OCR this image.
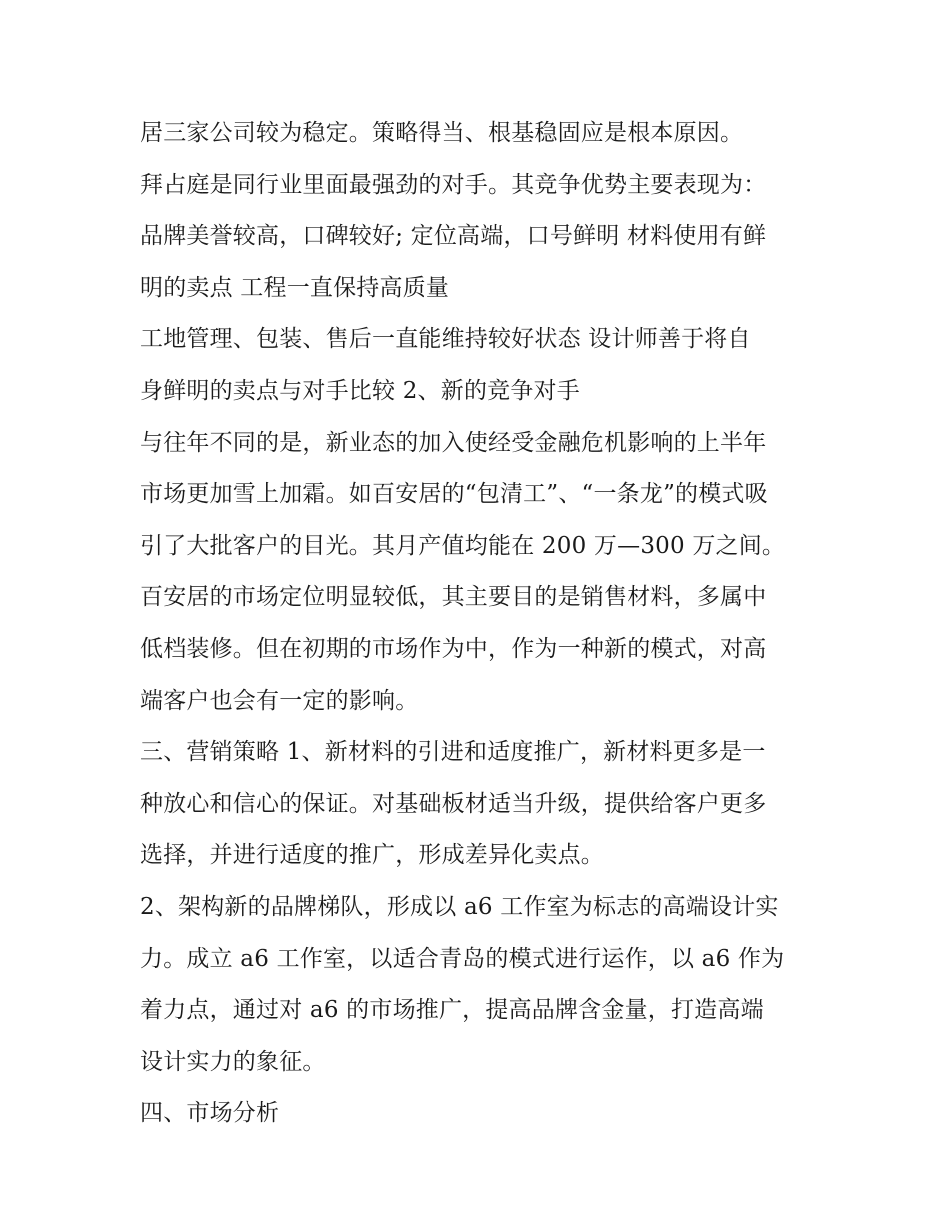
居三家公司较为稳定。策略得当、根基稳固应是根本原因。
拜占庭是同行业里面最强劲的对手。其竞争优势主要表现为：
品牌美誉较高，口碑较好; 定位高端，口号鲜明 材料使用有鲜
明的卖点 工程一直保持高质量
工地管理、包装、售后一直能维持较好状态 设计师善于将自
身鲜明的卖点与对手比较 2、新的竞争对手
与往年不同的是，新业态的加入使经受金融危机影响的上半年
市场更加雪上加霜。如百安居的“包清工”、“一条龙”的模式吸
引了大批客户的目光。其月产值均能在 200 万—300 万之间。
百安居的市场定位明显较低，其主要目的是销售材料，多属中
低档装修。但在初期的市场作为中，作为一种新的模式，对高
端客户也会有一定的影响。
三、营销策略 1、新材料的引进和适度推广，新材料更多是一
种放心和信心的保证。对基础板材适当升级，提供给客户更多
选择，并进行适度的推广，形成差异化卖点。
2、架构新的品牌梯队，形成以 a6 工作室为标志的高端设计实
力。成立 a6 工作室，以适合青岛的模式进行运作，以 a6 作为
着力点，通过对 a6 的市场推广，提高品牌含金量，打造高端
设计实力的象征。
四、市场分析
